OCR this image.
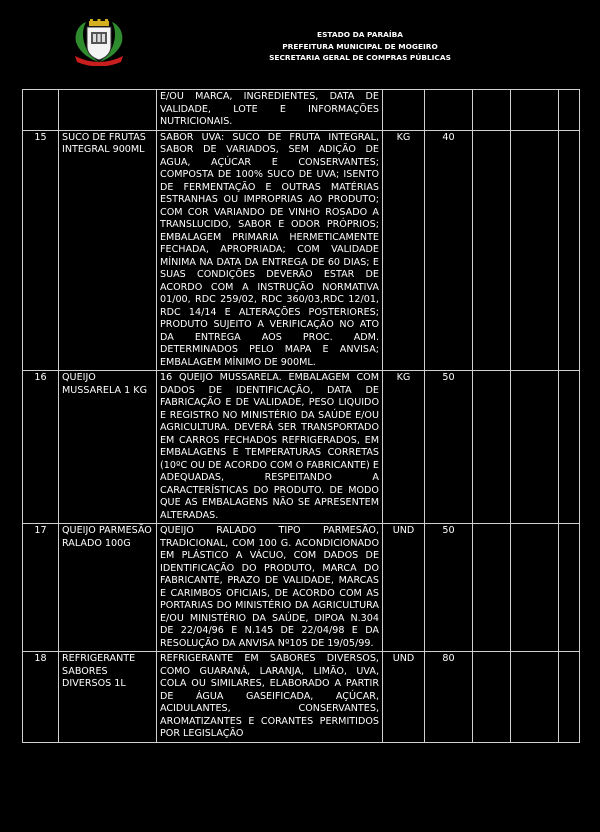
ESTADO DA PARAÍBA
PREFEITURA MUNICIPAL DE MOGEIRO
SECRETARIA GERAL DE COMPRAS PÚBLICAS
		E/OU MARCA, INGREDIENTES, DATA DE VALIDADE, LOTE E INFORMAÇÕES NUTRICIONAIS.					
15	SUCO DE FRUTAS INTEGRAL 900ML	SABOR UVA: SUCO DE FRUTA INTEGRAL, SABOR DE VARIADOS, SEM ADIÇÃO DE AGUA, AÇÚCAR E CONSERVANTES; COMPOSTA DE 100% SUCO DE UVA; ISENTO DE FERMENTAÇÃO E OUTRAS MATÉRIAS ESTRANHAS OU IMPROPRIAS AO PRODUTO; COM COR VARIANDO DE VINHO ROSADO A TRANSLUCIDO, SABOR E ODOR PRÓPRIOS; EMBALAGEM PRIMARIA HERMETICAMENTE FECHADA, APROPRIADA; COM VALIDADE MÍNIMA NA DATA DA ENTREGA DE 60 DIAS; E SUAS CONDIÇÕES DEVERÃO ESTAR DE ACORDO COM A INSTRUÇÃO NORMATIVA 01/00, RDC 259/02, RDC 360/03,RDC 12/01, RDC 14/14 E ALTERAÇÕES POSTERIORES; PRODUTO SUJEITO A VERIFICAÇÃO NO ATO DA ENTREGA AOS PROC. ADM. DETERMINADOS PELO MAPA E ANVISA; EMBALAGEM MÍNIMO DE 900ML.	KG	40			
16	QUEIJO MUSSARELA 1 KG	16 QUEIJO MUSSARELA. EMBALAGEM COM DADOS DE IDENTIFICAÇÃO, DATA DE FABRICAÇÃO E DE VALIDADE, PESO LIQUIDO E REGISTRO NO MINISTÉRIO DA SAÚDE E/OU AGRICULTURA. DEVERÁ SER TRANSPORTADO EM CARROS FECHADOS REFRIGERADOS, EM EMBALAGENS E TEMPERATURAS CORRETAS (10ºC OU DE ACORDO COM O FABRICANTE) E ADEQUADAS, RESPEITANDO A CARACTERÍSTICAS DO PRODUTO. DE MODO QUE AS EMBALAGENS NÃO SE APRESENTEM ALTERADAS.	KG	50			
17	QUEIJO PARMESÃO RALADO 100G	QUEIJO RALADO TIPO PARMESÃO, TRADICIONAL, COM 100 G. ACONDICIONADO EM PLÁSTICO A VÁCUO, COM DADOS DE IDENTIFICAÇÃO DO PRODUTO, MARCA DO FABRICANTE, PRAZO DE VALIDADE, MARCAS E CARIMBOS OFICIAIS, DE ACORDO COM AS PORTARIAS DO MINISTÉRIO DA AGRICULTURA E/OU MINISTÉRIO DA SAÚDE, DIPOA N.304 DE 22/04/96 E N.145 DE 22/04/98 E DA RESOLUÇÃO DA ANVISA Nº105 DE 19/05/99.	UND	50			
18	REFRIGERANTE SABORES DIVERSOS 1L	REFRIGERANTE EM SABORES DIVERSOS, COMO GUARANÁ, LARANJA, LIMÃO, UVA, COLA OU SIMILARES, ELABORADO A PARTIR DE ÁGUA GASEIFICADA, AÇÚCAR, ACIDULANTES, CONSERVANTES, AROMATIZANTES E CORANTES PERMITIDOS POR LEGISLAÇÃO	UND	80			
